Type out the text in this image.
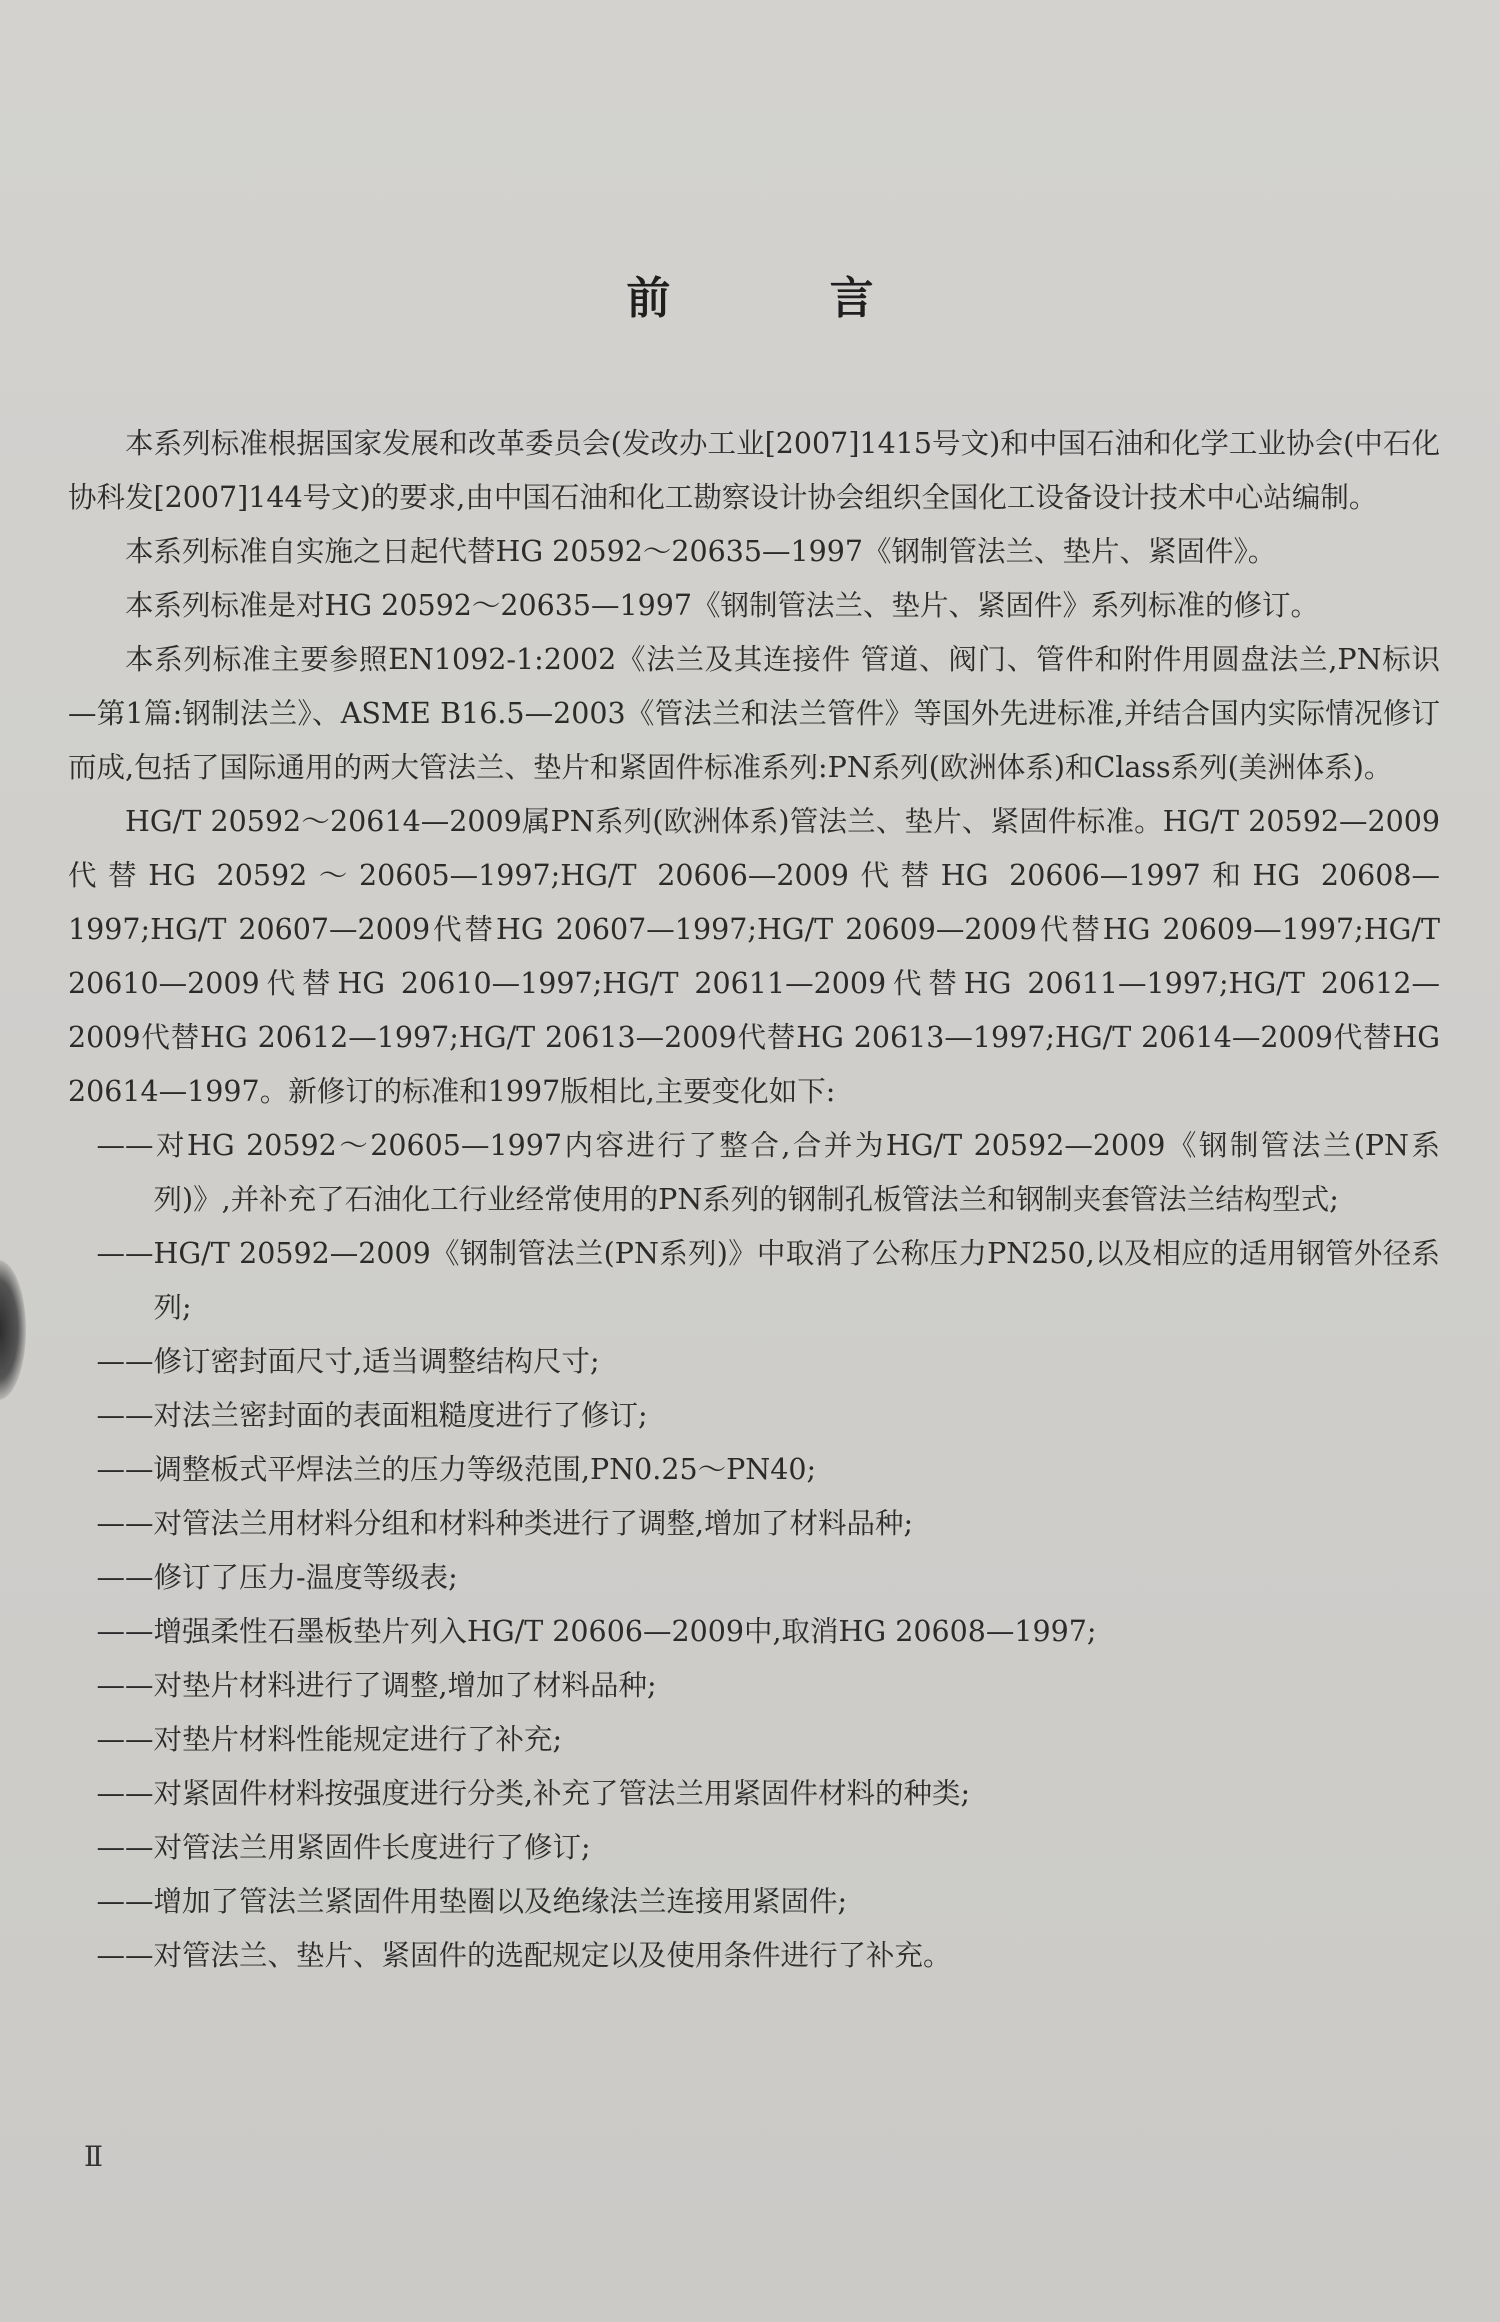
前 言

本系列标准根据国家发展和改革委员会(发改办工业[2007]1415号文)和中国石油和化学工业协会(中石化协科发[2007]144号文)的要求,由中国石油和化工勘察设计协会组织全国化工设备设计技术中心站编制。

本系列标准自实施之日起代替HG 20592～20635—1997《钢制管法兰、垫片、紧固件》。

本系列标准是对HG 20592～20635—1997《钢制管法兰、垫片、紧固件》系列标准的修订。

本系列标准主要参照EN1092-1:2002《法兰及其连接件 管道、阀门、管件和附件用圆盘法兰,PN标识—第1篇:钢制法兰》、ASME B16.5—2003《管法兰和法兰管件》等国外先进标准,并结合国内实际情况修订而成,包括了国际通用的两大管法兰、垫片和紧固件标准系列:PN系列(欧洲体系)和Class系列(美洲体系)。

HG/T 20592～20614—2009属PN系列(欧洲体系)管法兰、垫片、紧固件标准。HG/T 20592—2009代替HG 20592～20605—1997;HG/T 20606—2009代替HG 20606—1997和HG 20608—1997;HG/T 20607—2009代替HG 20607—1997;HG/T 20609—2009代替HG 20609—1997;HG/T 20610—2009代替HG 20610—1997;HG/T 20611—2009代替HG 20611—1997;HG/T 20612—2009代替HG 20612—1997;HG/T 20613—2009代替HG 20613—1997;HG/T 20614—2009代替HG 20614—1997。新修订的标准和1997版相比,主要变化如下:

——对HG 20592～20605—1997内容进行了整合,合并为HG/T 20592—2009《钢制管法兰(PN系列)》,并补充了石油化工行业经常使用的PN系列的钢制孔板管法兰和钢制夹套管法兰结构型式;

——HG/T 20592—2009《钢制管法兰(PN系列)》中取消了公称压力PN250,以及相应的适用钢管外径系列;

——修订密封面尺寸,适当调整结构尺寸;

——对法兰密封面的表面粗糙度进行了修订;

——调整板式平焊法兰的压力等级范围,PN0.25～PN40;

——对管法兰用材料分组和材料种类进行了调整,增加了材料品种;

——修订了压力-温度等级表;

——增强柔性石墨板垫片列入HG/T 20606—2009中,取消HG 20608—1997;

——对垫片材料进行了调整,增加了材料品种;

——对垫片材料性能规定进行了补充;

——对紧固件材料按强度进行分类,补充了管法兰用紧固件材料的种类;

——对管法兰用紧固件长度进行了修订;

——增加了管法兰紧固件用垫圈以及绝缘法兰连接用紧固件;

——对管法兰、垫片、紧固件的选配规定以及使用条件进行了补充。

Ⅱ
